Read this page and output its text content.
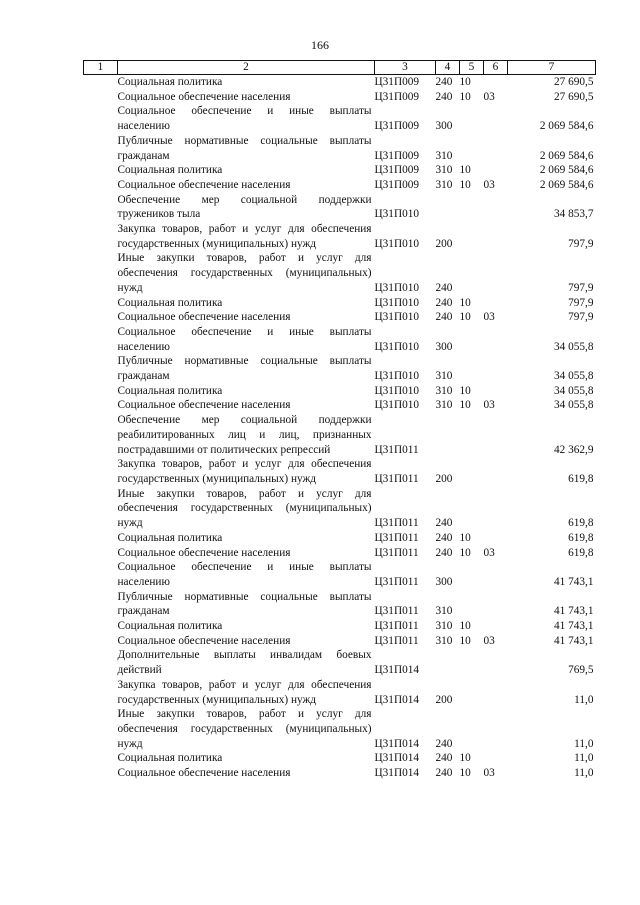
166
1	2	3	4	5	6	7
	Социальная политика	Ц31П009	240	10		27 690,5
	Социальное обеспечение населения	Ц31П009	240	10	03	27 690,5
	Социальное обеспечение и иные выплаты населению	Ц31П009	300			2 069 584,6
	Публичные нормативные социальные выплаты гражданам	Ц31П009	310			2 069 584,6
	Социальная политика	Ц31П009	310	10		2 069 584,6
	Социальное обеспечение населения	Ц31П009	310	10	03	2 069 584,6
	Обеспечение мер социальной поддержки тружеников тыла	Ц31П010				34 853,7
	Закупка товаров, работ и услуг для обеспечения государственных (муниципальных) нужд	Ц31П010	200			797,9
	Иные закупки товаров, работ и услуг для обеспечения государственных (муниципальных) нужд	Ц31П010	240			797,9
	Социальная политика	Ц31П010	240	10		797,9
	Социальное обеспечение населения	Ц31П010	240	10	03	797,9
	Социальное обеспечение и иные выплаты населению	Ц31П010	300			34 055,8
	Публичные нормативные социальные выплаты гражданам	Ц31П010	310			34 055,8
	Социальная политика	Ц31П010	310	10		34 055,8
	Социальное обеспечение населения	Ц31П010	310	10	03	34 055,8
	Обеспечение мер социальной поддержки реабилитированных лиц и лиц, признанных пострадавшими от политических репрессий	Ц31П011				42 362,9
	Закупка товаров, работ и услуг для обеспечения государственных (муниципальных) нужд	Ц31П011	200			619,8
	Иные закупки товаров, работ и услуг для обеспечения государственных (муниципальных) нужд	Ц31П011	240			619,8
	Социальная политика	Ц31П011	240	10		619,8
	Социальное обеспечение населения	Ц31П011	240	10	03	619,8
	Социальное обеспечение и иные выплаты населению	Ц31П011	300			41 743,1
	Публичные нормативные социальные выплаты гражданам	Ц31П011	310			41 743,1
	Социальная политика	Ц31П011	310	10		41 743,1
	Социальное обеспечение населения	Ц31П011	310	10	03	41 743,1
	Дополнительные выплаты инвалидам боевых действий	Ц31П014				769,5
	Закупка товаров, работ и услуг для обеспечения государственных (муниципальных) нужд	Ц31П014	200			11,0
	Иные закупки товаров, работ и услуг для обеспечения государственных (муниципальных) нужд	Ц31П014	240			11,0
	Социальная политика	Ц31П014	240	10		11,0
	Социальное обеспечение населения	Ц31П014	240	10	03	11,0
